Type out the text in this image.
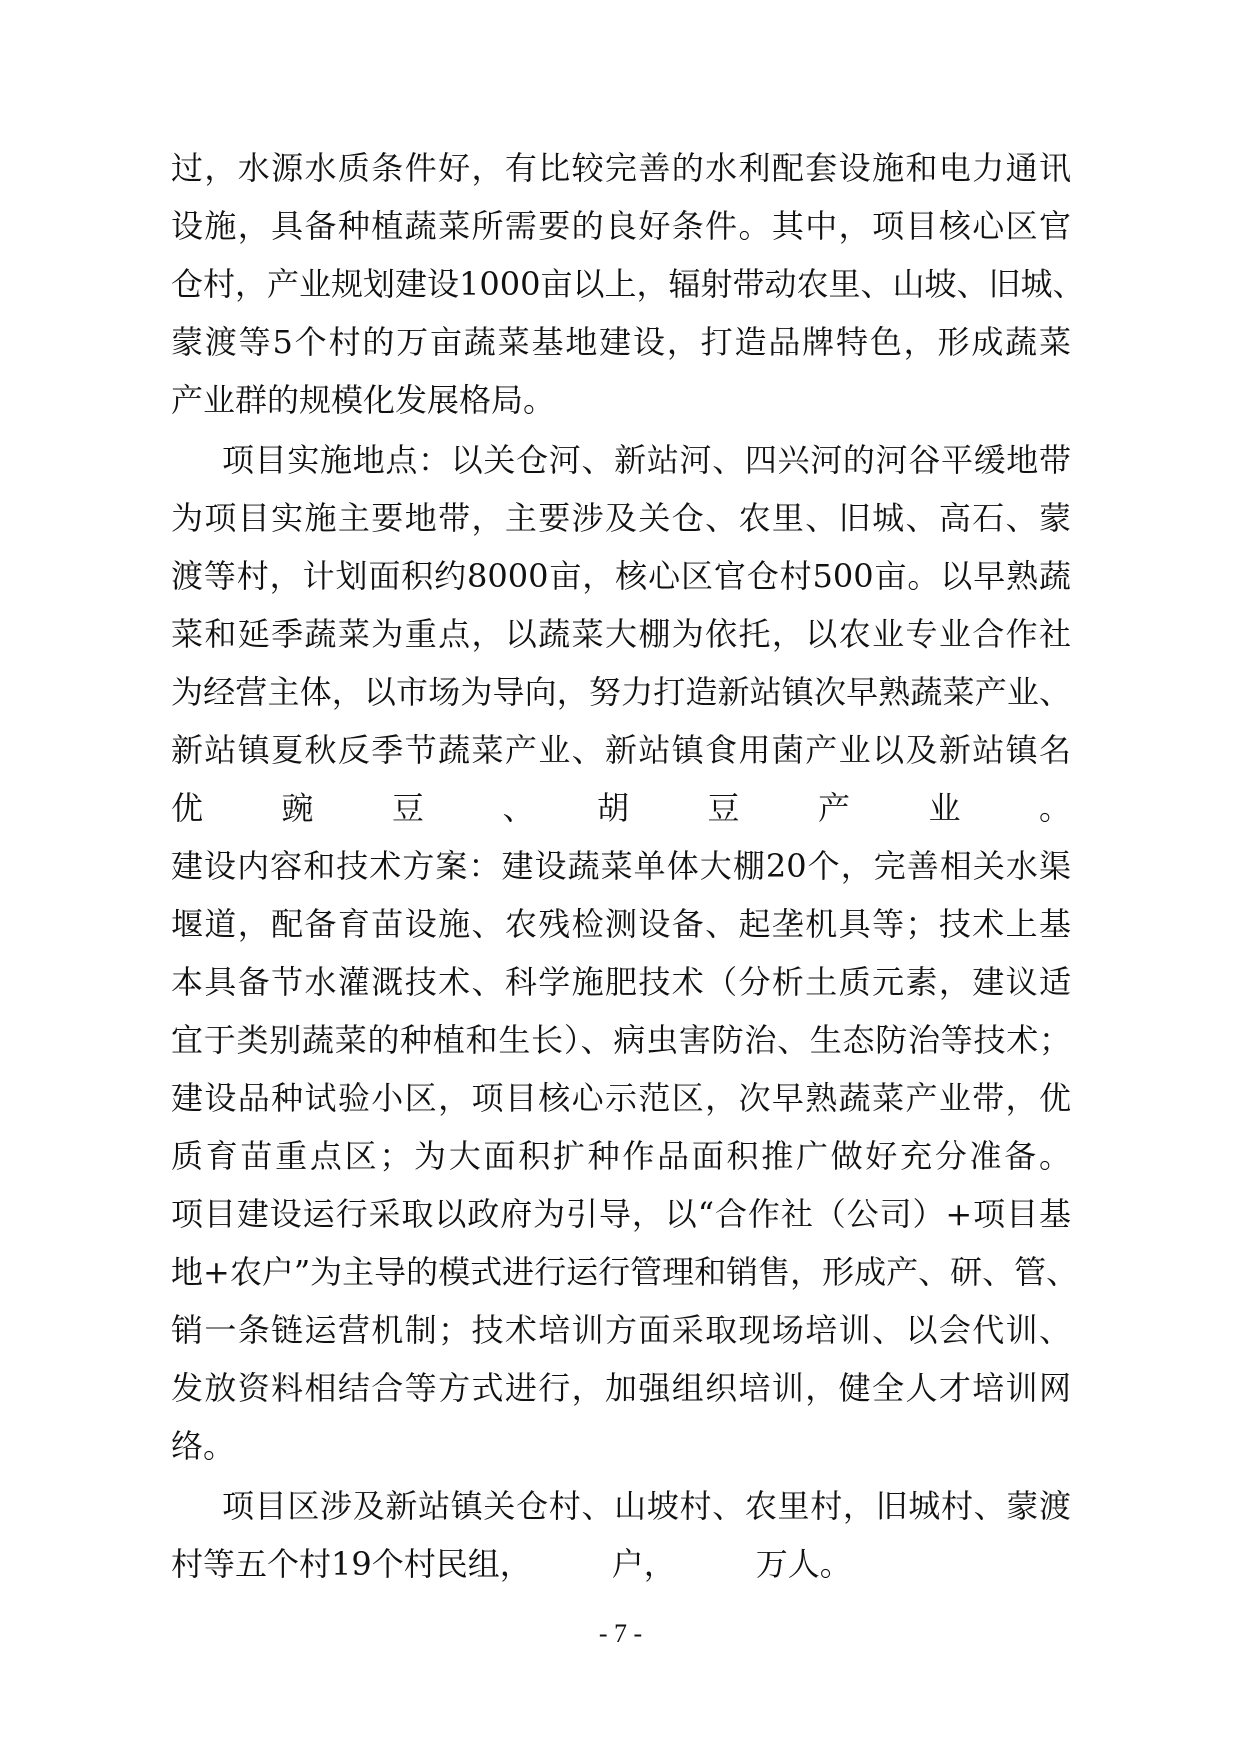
过，水源水质条件好，有比较完善的水利配套设施和电力通讯
设施，具备种植蔬菜所需要的良好条件。其中，项目核心区官
仓村，产业规划建设1000亩以上，辐射带动农里、山坡、旧城、
蒙渡等5个村的万亩蔬菜基地建设，打造品牌特色，形成蔬菜
产业群的规模化发展格局。
项目实施地点：以关仓河、新站河、四兴河的河谷平缓地带
为项目实施主要地带，主要涉及关仓、农里、旧城、高石、蒙
渡等村，计划面积约8000亩，核心区官仓村500亩。以早熟蔬
菜和延季蔬菜为重点，以蔬菜大棚为依托，以农业专业合作社
为经营主体，以市场为导向，努力打造新站镇次早熟蔬菜产业、
新站镇夏秋反季节蔬菜产业、新站镇食用菌产业以及新站镇名
优　　豌　　豆　　、　　胡　　豆　　产　　业　　。
建设内容和技术方案：建设蔬菜单体大棚20个，完善相关水渠
堰道，配备育苗设施、农残检测设备、起垄机具等；技术上基
本具备节水灌溉技术、科学施肥技术（分析土质元素，建议适
宜于类别蔬菜的种植和生长）、病虫害防治、生态防治等技术；
建设品种试验小区，项目核心示范区，次早熟蔬菜产业带，优
质育苗重点区；为大面积扩种作品面积推广做好充分准备。
项目建设运行采取以政府为引导，以“合作社（公司）+项目基
地+农户”为主导的模式进行运行管理和销售，形成产、研、管、
销一条链运营机制；技术培训方面采取现场培训、以会代训、
发放资料相结合等方式进行，加强组织培训，健全人才培训网
络。
项目区涉及新站镇关仓村、山坡村、农里村，旧城村、蒙渡
村等五个村19个村民组，　　　户，　　　万人。
- 7 -
